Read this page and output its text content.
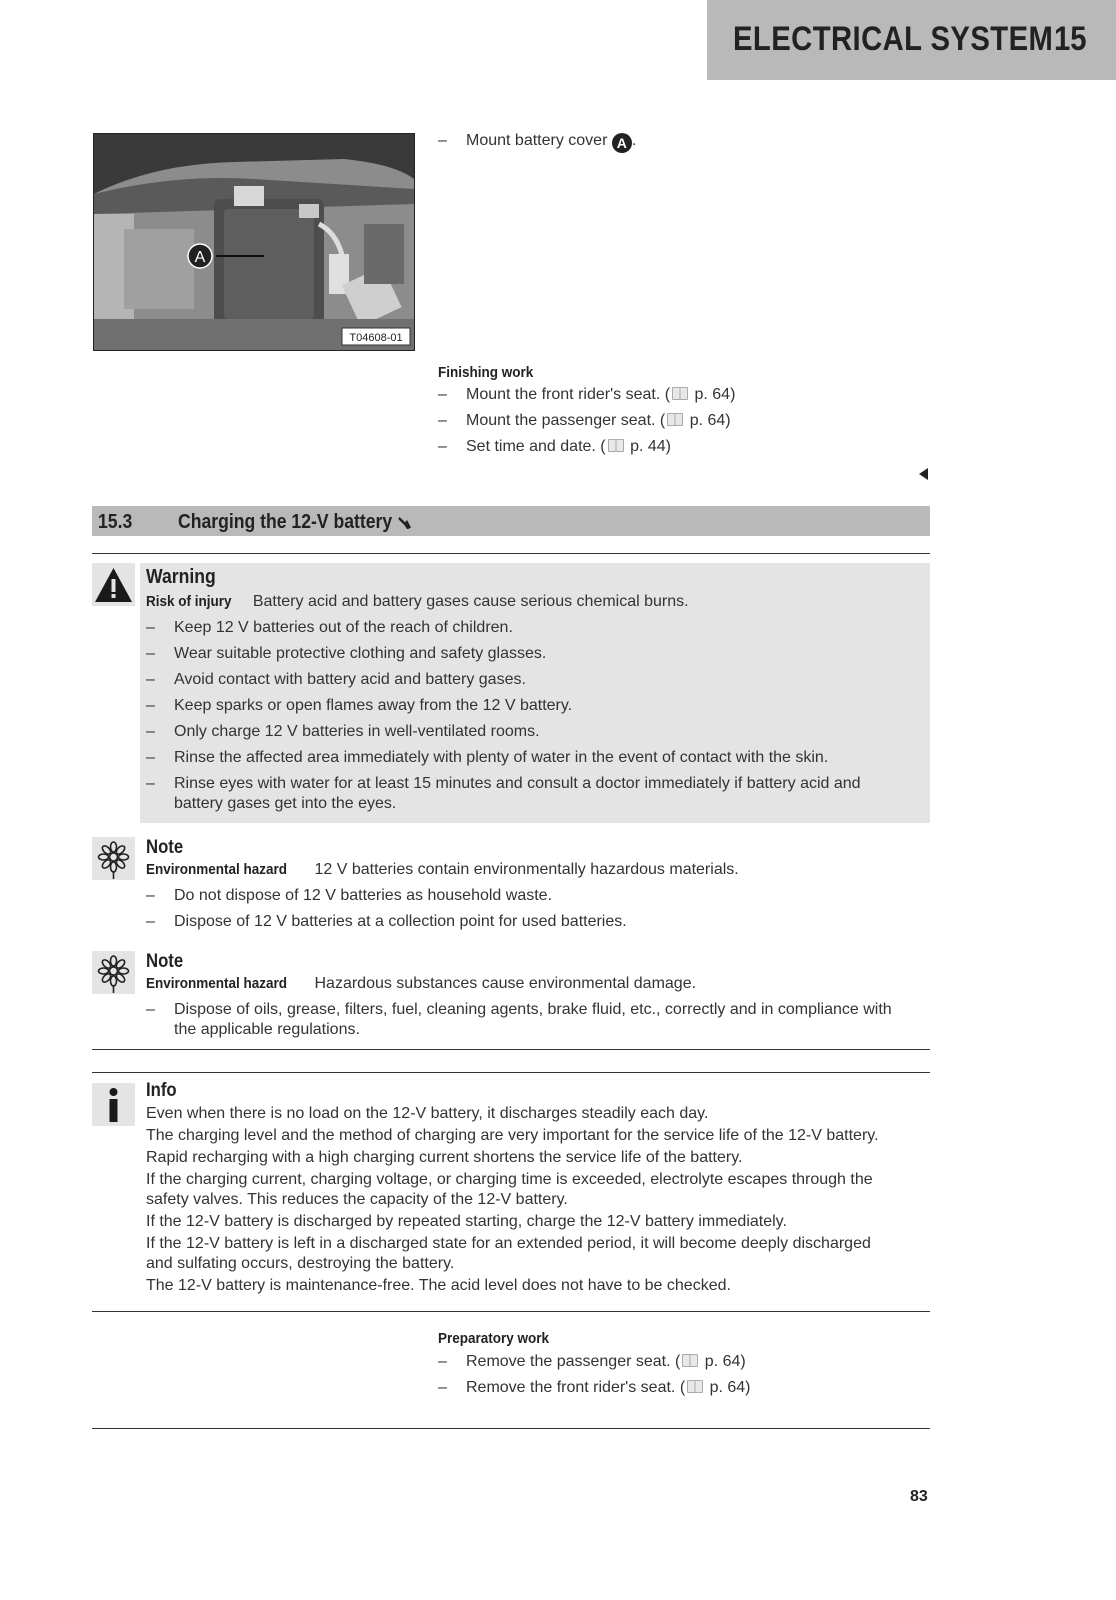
ELECTRICAL SYSTEM 15
A
T04608-01
– Mount battery cover A .
Finishing work
– Mount the front rider's seat. ( p. 64)
– Mount the passenger seat. ( p. 64)
– Set time and date. ( p. 44)
15.3 Charging the 12-V battery
Warning
Risk of injury Battery acid and battery gases cause serious chemical burns.
– Keep 12 V batteries out of the reach of children.
– Wear suitable protective clothing and safety glasses.
– Avoid contact with battery acid and battery gases.
– Keep sparks or open flames away from the 12 V battery.
– Only charge 12 V batteries in well-ventilated rooms.
– Rinse the affected area immediately with plenty of water in the event of contact with the skin.
– Rinse eyes with water for at least 15 minutes and consult a doctor immediately if battery acid and
battery gases get into the eyes.
Note
Environmental hazard 12 V batteries contain environmentally hazardous materials.
– Do not dispose of 12 V batteries as household waste.
– Dispose of 12 V batteries at a collection point for used batteries.
Note
Environmental hazard Hazardous substances cause environmental damage.
– Dispose of oils, grease, filters, fuel, cleaning agents, brake fluid, etc., correctly and in compliance with
the applicable regulations.
Info
Even when there is no load on the 12-V battery, it discharges steadily each day.
The charging level and the method of charging are very important for the service life of the 12-V battery.
Rapid recharging with a high charging current shortens the service life of the battery.
If the charging current, charging voltage, or charging time is exceeded, electrolyte escapes through the
safety valves. This reduces the capacity of the 12-V battery.
If the 12-V battery is discharged by repeated starting, charge the 12-V battery immediately.
If the 12-V battery is left in a discharged state for an extended period, it will become deeply discharged
and sulfating occurs, destroying the battery.
The 12-V battery is maintenance-free. The acid level does not have to be checked.
Preparatory work
– Remove the passenger seat. ( p. 64)
– Remove the front rider's seat. ( p. 64)
83
